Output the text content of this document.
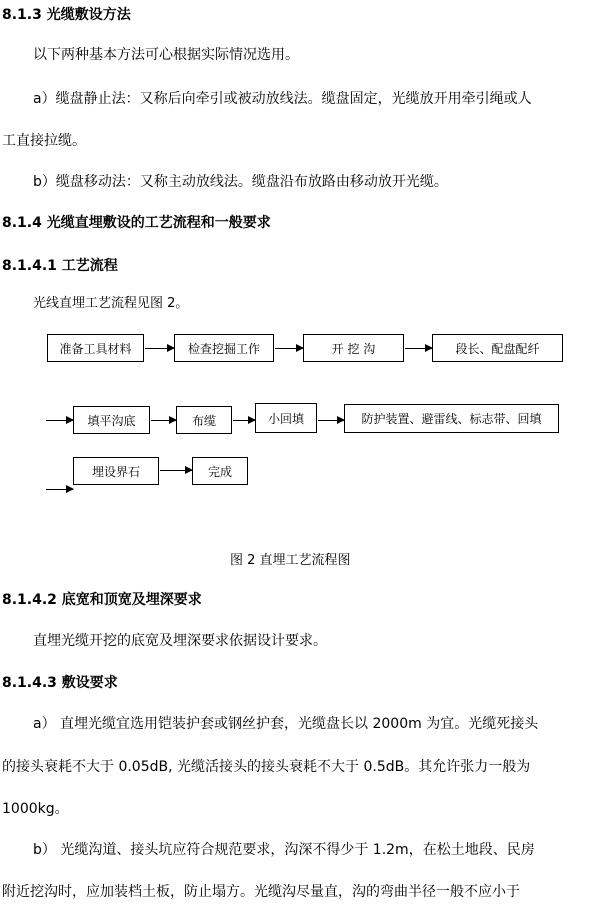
8.1.3 光缆敷设方法
以下两种基本方法可心根据实际情况选用。
a）缆盘静止法：又称后向牵引或被动放线法。缆盘固定，光缆放开用牵引绳或人
工直接拉缆。
b）缆盘移动法：又称主动放线法。缆盘沿布放路由移动放开光缆。
8.1.4 光缆直埋敷设的工艺流程和一般要求
8.1.4.1 工艺流程
光线直埋工艺流程见图 2。
准备工具材料	检查挖掘工作	开 挖 沟	段长、配盘配纤
填平沟底	布缆	小回填	防护装置、避雷线、标志带、回填
埋设界石	完成
图 2 直埋工艺流程图
8.1.4.2 底宽和顶宽及埋深要求
直埋光缆开挖的底宽及埋深要求依据设计要求。
8.1.4.3 敷设要求
a） 直埋光缆宜选用铠装护套或钢丝护套，光缆盘长以 2000m 为宜。光缆死接头
的接头衰耗不大于 0.05dB, 光缆活接头的接头衰耗不大于 0.5dB。其允许张力一般为
1000kg。
b） 光缆沟道、接头坑应符合规范要求，沟深不得少于 1.2m，在松土地段、民房
附近挖沟时，应加装档土板，防止塌方。光缆沟尽量直，沟的弯曲半径一般不应小于
